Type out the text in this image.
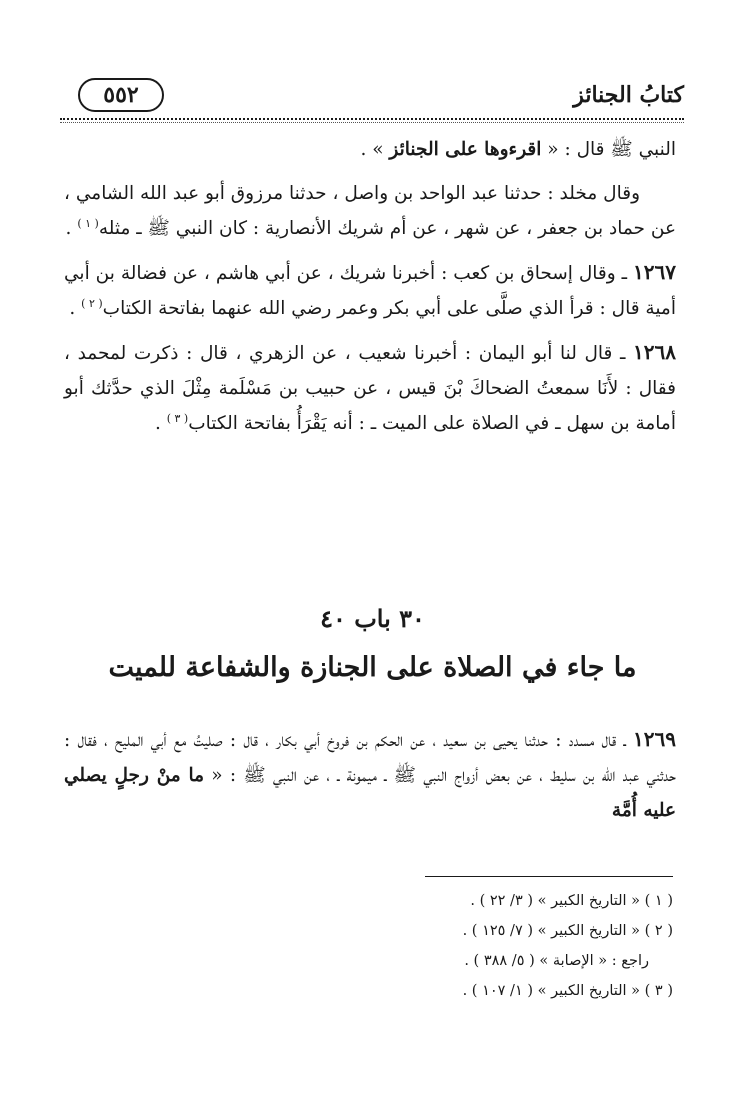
كتابُ الجنائز
٥٥٢

النبي ﷺ قال : « اقرءوها على الجنائز » .

وقال مخلد : حدثنا عبد الواحد بن واصل ، حدثنا مرزوق أبو عبد الله الشامي ، عن حماد بن جعفر ، عن شهر ، عن أم شريك الأنصارية : كان النبي ﷺ ـ مثله$^{( ١ )}$ .

١٢٦٧ ـ وقال إسحاق بن كعب : أخبرنا شريك ، عن أبي هاشم ، عن فضالة بن أبي أمية قال : قرأ الذي صلَّى على أبي بكر وعمر رضي الله عنهما بفاتحة الكتاب$^{( ٢ )}$ .

١٢٦٨ ـ قال لنا أبو اليمان : أخبرنا شعيب ، عن الزهري ، قال : ذكرت لمحمد ، فقال : لأَنَا سمعتُ الضحاكَ بْنَ قيس ، عن حبيب بن مَسْلَمة مِثْلَ الذي حدَّثك أبو أمامة بن سهل ـ في الصلاة على الميت ـ : أنه يَقْرَأُ بفاتحة الكتاب$^{( ٣ )}$ .

٣٠ باب ٤٠
ما جاء في الصلاة على الجنازة والشفاعة للميت

١٢٦٩ ـ قال مسدد : حدثنا يحيى بن سعيد ، عن الحكم بن فروخ أبي بكار ، قال : صليتُ مع أبي المليح ، فقال : حدثني عبد الله بن سليط ، عن بعض أزواج النبي ﷺ ـ ميمونة ـ ، عن النبي ﷺ : « ما منْ رجلٍ يصلي عليه أُمَّة

( ١ ) « التاريخ الكبير » ( ٣/ ٢٢ ) .

( ٢ ) « التاريخ الكبير » ( ٧/ ١٢٥ ) .

راجع : « الإصابة » ( ٥/ ٣٨٨ ) .

( ٣ ) « التاريخ الكبير » ( ١/ ١٠٧ ) .
